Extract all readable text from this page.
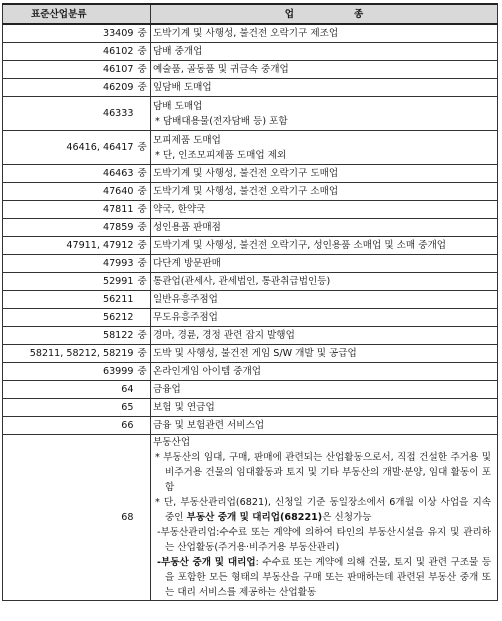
표준산업분류		업 종
33409	중	도박기계 및 사행성, 불건전 오락기구 제조업

46102	중	담배 중개업

46107	중	예술품, 골동품 및 귀금속 중개업

46209	중	잎담배 도매업

46333		담배 도매업
* 담배대용물(전자담배 등) 포함

46416, 46417	중	모피제품 도매업
* 단, 인조모피제품 도매업 제외

46463	중	도박기계 및 사행성, 불건전 오락기구 도매업

47640	중	도박기계 및 사행성, 불건전 오락기구 소매업

47811	중	약국, 한약국

47859	중	성인용품 판매점

47911, 47912	중	도박기계 및 사행성, 불건전 오락기구, 성인용품 소매업 및 소매 중개업

47993	중	다단계 방문판매

52991	중	통관업(관세사, 관세법인, 통관취급법인등)

56211		일반유흥주점업

56212		무도유흥주점업

58122	중	경마, 경륜, 경정 관련 잡지 발행업

58211, 58212, 58219	중	도박 및 사행성, 불건전 게임 S/W 개발 및 공급업

63999	중	온라인게임 아이템 중개업

64		금융업

65		보험 및 연금업

66		금융 및 보험관련 서비스업

68		부동산업
* 부동산의 임대, 구매, 판매에 관련되는 산업활동으로서, 직접 건설한 주거용 및 비주거용 건물의 임대활동과 토지 및 기타 부동산의 개발·분양, 임대 활동이 포함
* 단, 부동산관리업(6821), 신청일 기준 동일장소에서 6개월 이상 사업을 지속 중인 부동산 중개 및 대리업(68221)은 신청가능
-부동산관리업:수수료 또는 계약에 의하여 타인의 부동산시설을 유지 및 관리하는 산업활동(주거용·비주거용 부동산관리)
-부동산 중개 및 대리업: 수수료 또는 계약에 의해 건물, 토지 및 관련 구조물 등을 포함한 모든 형태의 부동산을 구매 또는 판매하는데 관련된 부동산 중개 또는 대리 서비스를 제공하는 산업활동
